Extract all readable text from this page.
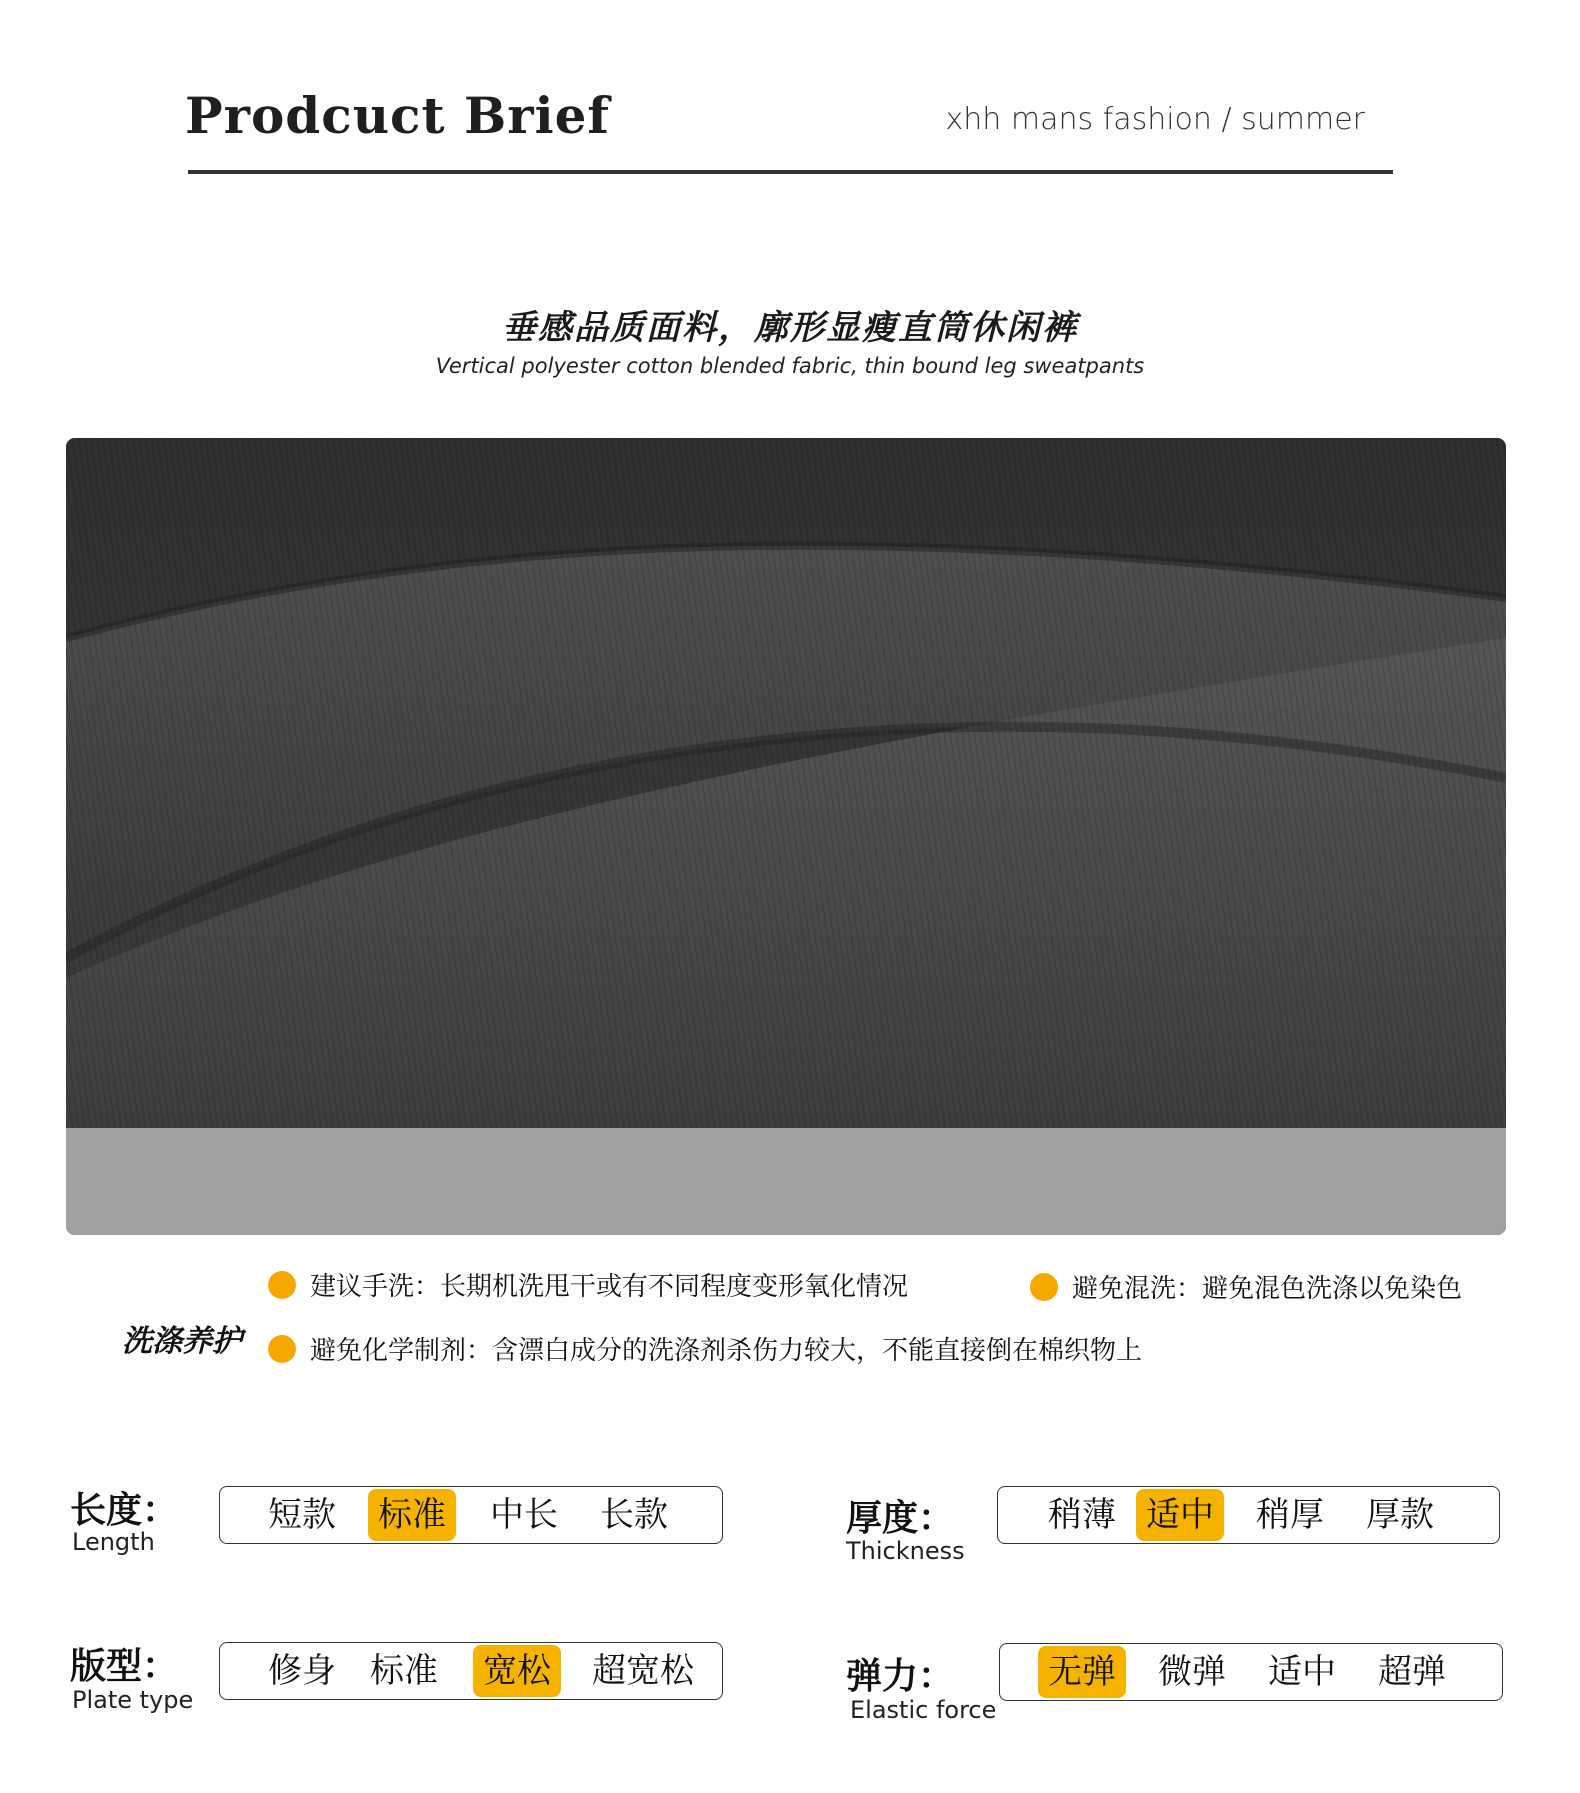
Prodcuct Brief	xhh mans fashion / summer
垂感品质面料，廓形显瘦直筒休闲裤
Vertical polyester cotton blended fabric, thin bound leg sweatpants
洗涤养护
建议手洗：长期机洗甩干或有不同程度变形氧化情况	避免混洗：避免混色洗涤以免染色
避免化学制剂：含漂白成分的洗涤剂杀伤力较大，不能直接倒在棉织物上
长度：
Length
短款 标准 中长 长款	厚度：
Thickness
稍薄 适中 稍厚 厚款
版型：
Plate type
修身 标准 宽松 超宽松	弹力：
Elastic force
无弹 微弹 适中 超弹
